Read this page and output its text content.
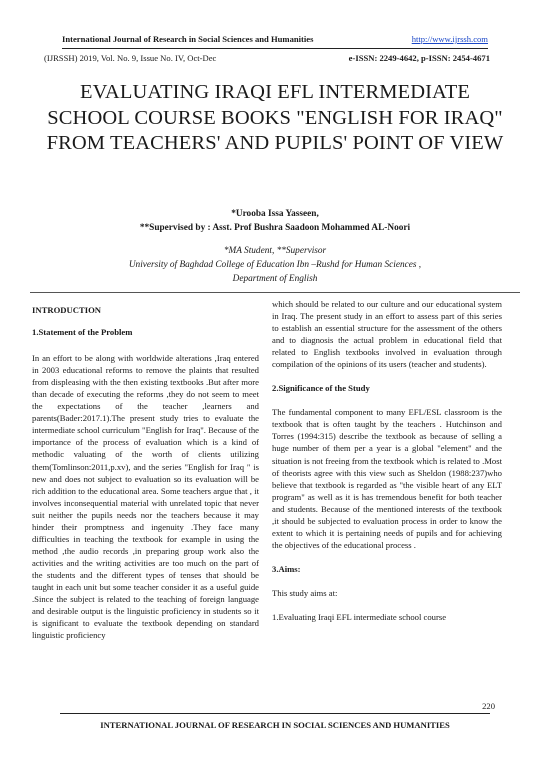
International Journal of Research in Social Sciences and Humanities	http://www.ijrssh.com
(IJRSSH) 2019, Vol. No. 9, Issue No. IV, Oct-Dec	e-ISSN: 2249-4642, p-ISSN: 2454-4671
EVALUATING IRAQI EFL INTERMEDIATE SCHOOL COURSE BOOKS "ENGLISH FOR IRAQ" FROM TEACHERS' AND PUPILS' POINT OF VIEW
*Urooba Issa Yasseen,
**Supervised by : Asst. Prof Bushra Saadoon Mohammed AL-Noori
*MA Student, **Supervisor
University of Baghdad College of Education Ibn –Rushd for Human Sciences ,
Department of English

INTRODUCTION

1.Statement of the Problem

In an effort to be along with worldwide alterations ,Iraq entered in 2003 educational reforms to remove the plaints that resulted from displeasing with the then existing textbooks .But after more than decade of executing the reforms ,they do not seem to meet the expectations of the teacher ,learners and parents(Bader:2017.1).The present study tries to evaluate the intermediate school curriculum "English for Iraq". Because of the importance of the process of evaluation which is a kind of methodic valuating of the worth of clients utilizing them(Tomlinson:2011,p.xv), and the series "English for Iraq " is new and does not subject to evaluation so its evaluation will be rich addition to the educational area. Some teachers argue that , it involves inconsequential material with unrelated topic that never suit neither the pupils needs nor the teachers because it may hinder their promptness and ingenuity .They face many difficulties in teaching the textbook for example in using the method ,the audio records ,in preparing group work also the activities and the writing activities are too much on the part of the students and the different types of tenses that should be taught in each unit but some teacher consider it as a useful guide .Since the subject is related to the teaching of foreign language and desirable output is the linguistic proficiency in students so it is significant to evaluate the textbook depending on standard linguistic proficiency

which should be related to our culture and our educational system in Iraq. The present study in an effort to assess part of this series to establish an essential structure for the assessment of the others and to diagnosis the actual problem in educational field that related to English textbooks involved in evaluation through compilation of the opinions of its users (teacher and students).

2.Significance of the Study

The fundamental component to many EFL/ESL classroom is the textbook that is often taught by the teachers . Hutchinson and Torres (1994:315) describe the textbook as because of selling a huge number of them per a year is a global "element" and the situation is not freeing from the textbook which is related to .Most of theorists agree with this view such as Sheldon (1988:237)who believe that textbook is regarded as "the visible heart of any ELT program" as well as it is has tremendous benefit for both teacher and students. Because of the mentioned interests of the textbook ,it should be subjected to evaluation process in order to know the extent to which it is pertaining needs of pupils and for achieving the objectives of the educational process .

3.Aims:

This study aims at:

1.Evaluating Iraqi EFL intermediate school course

220
INTERNATIONAL JOURNAL OF RESEARCH IN SOCIAL SCIENCES AND HUMANITIES
